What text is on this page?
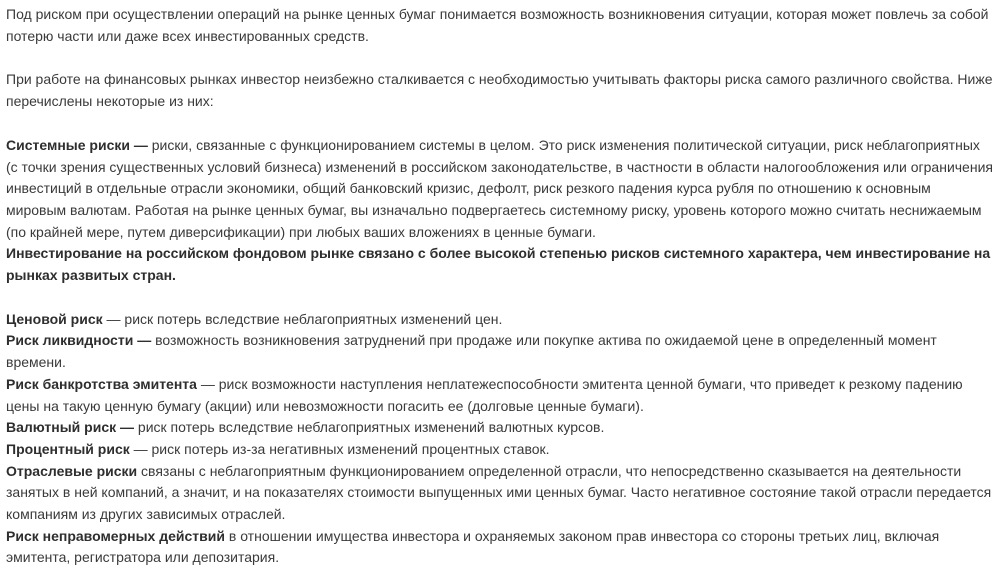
Под риском при осуществлении операций на рынке ценных бумаг понимается возможность возникновения ситуации, которая может повлечь за собой потерю части или даже всех инвестированных средств.

При работе на финансовых рынках инвестор неизбежно сталкивается с необходимостью учитывать факторы риска самого различного свойства. Ниже перечислены некоторые из них:

Системные риски — риски, связанные с функционированием системы в целом. Это риск изменения политической ситуации, риск неблагоприятных (с точки зрения существенных условий бизнеса) изменений в российском законодательстве, в частности в области налогообложения или ограничения инвестиций в отдельные отрасли экономики, общий банковский кризис, дефолт, риск резкого падения курса рубля по отношению к основным мировым валютам. Работая на рынке ценных бумаг, вы изначально подвергаетесь системному риску, уровень которого можно считать неснижаемым (по крайней мере, путем диверсификации) при любых ваших вложениях в ценные бумаги.

Инвестирование на российском фондовом рынке связано с более высокой степенью рисков системного характера, чем инвестирование на рынках развитых стран.

Ценовой риск — риск потерь вследствие неблагоприятных изменений цен.

Риск ликвидности — возможность возникновения затруднений при продаже или покупке актива по ожидаемой цене в определенный момент времени.

Риск банкротства эмитента — риск возможности наступления неплатежеспособности эмитента ценной бумаги, что приведет к резкому падению цены на такую ценную бумагу (акции) или невозможности погасить ее (долговые ценные бумаги).

Валютный риск — риск потерь вследствие неблагоприятных изменений валютных курсов.

Процентный риск — риск потерь из-за негативных изменений процентных ставок.

Отраслевые риски связаны с неблагоприятным функционированием определенной отрасли, что непосредственно сказывается на деятельности занятых в ней компаний, а значит, и на показателях стоимости выпущенных ими ценных бумаг. Часто негативное состояние такой отрасли передается компаниям из других зависимых отраслей.

Риск неправомерных действий в отношении имущества инвестора и охраняемых законом прав инвестора со стороны третьих лиц, включая эмитента, регистратора или депозитария.
